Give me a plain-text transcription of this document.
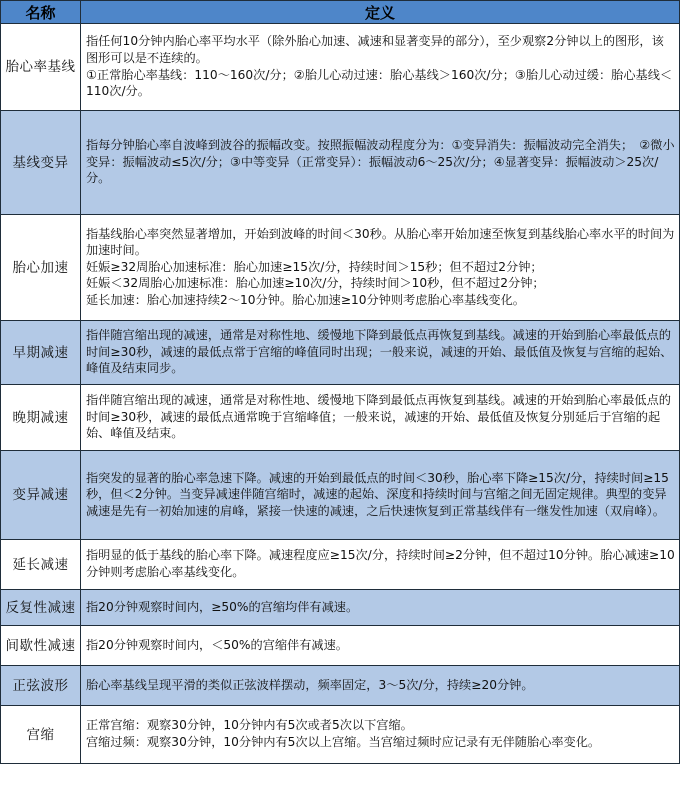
名称	定义
胎心率基线	指任何10分钟内胎心率平均水平（除外胎心加速、减速和显著变异的部分），至少观察2分钟以上的图形，该图形可以是不连续的。
①正常胎心率基线：110～160次/分；②胎儿心动过速：胎心基线＞160次/分；③胎儿心动过缓：胎心基线＜110次/分。

基线变异	指每分钟胎心率自波峰到波谷的振幅改变。按照振幅波动程度分为：①变异消失：振幅波动完全消失；　②微小变异：振幅波动≤5次/分；③中等变异（正常变异）：振幅波动6～25次/分；④显著变异：振幅波动＞25次/分。

胎心加速	指基线胎心率突然显著增加，开始到波峰的时间＜30秒。从胎心率开始加速至恢复到基线胎心率水平的时间为加速时间。
妊娠≥32周胎心加速标准：胎心加速≥15次/分，持续时间＞15秒；但不超过2分钟；
妊娠＜32周胎心加速标准：胎心加速≥10次/分，持续时间＞10秒，但不超过2分钟；
延长加速：胎心加速持续2～10分钟。胎心加速≥10分钟则考虑胎心率基线变化。

早期减速	指伴随宫缩出现的减速，通常是对称性地、缓慢地下降到最低点再恢复到基线。减速的开始到胎心率最低点的时间≥30秒，减速的最低点常于宫缩的峰值同时出现；一般来说，减速的开始、最低值及恢复与宫缩的起始、峰值及结束同步。

晚期减速	指伴随宫缩出现的减速，通常是对称性地、缓慢地下降到最低点再恢复到基线。减速的开始到胎心率最低点的时间≥30秒，减速的最低点通常晚于宫缩峰值；一般来说，减速的开始、最低值及恢复分别延后于宫缩的起始、峰值及结束。

变异减速	指突发的显著的胎心率急速下降。减速的开始到最低点的时间＜30秒，胎心率下降≥15次/分，持续时间≥15秒，但＜2分钟。当变异减速伴随宫缩时，减速的起始、深度和持续时间与宫缩之间无固定规律。典型的变异减速是先有一初始加速的肩峰，紧接一快速的减速，之后快速恢复到正常基线伴有一继发性加速（双肩峰）。

延长减速	指明显的低于基线的胎心率下降。减速程度应≥15次/分，持续时间≥2分钟，但不超过10分钟。胎心减速≥10分钟则考虑胎心率基线变化。

反复性减速	指20分钟观察时间内，≥50%的宫缩均伴有减速。

间歇性减速	指20分钟观察时间内，＜50%的宫缩伴有减速。

正弦波形	胎心率基线呈现平滑的类似正弦波样摆动，频率固定，3～5次/分，持续≥20分钟。

宫缩	正常宫缩：观察30分钟，10分钟内有5次或者5次以下宫缩。
宫缩过频：观察30分钟，10分钟内有5次以上宫缩。当宫缩过频时应记录有无伴随胎心率变化。
